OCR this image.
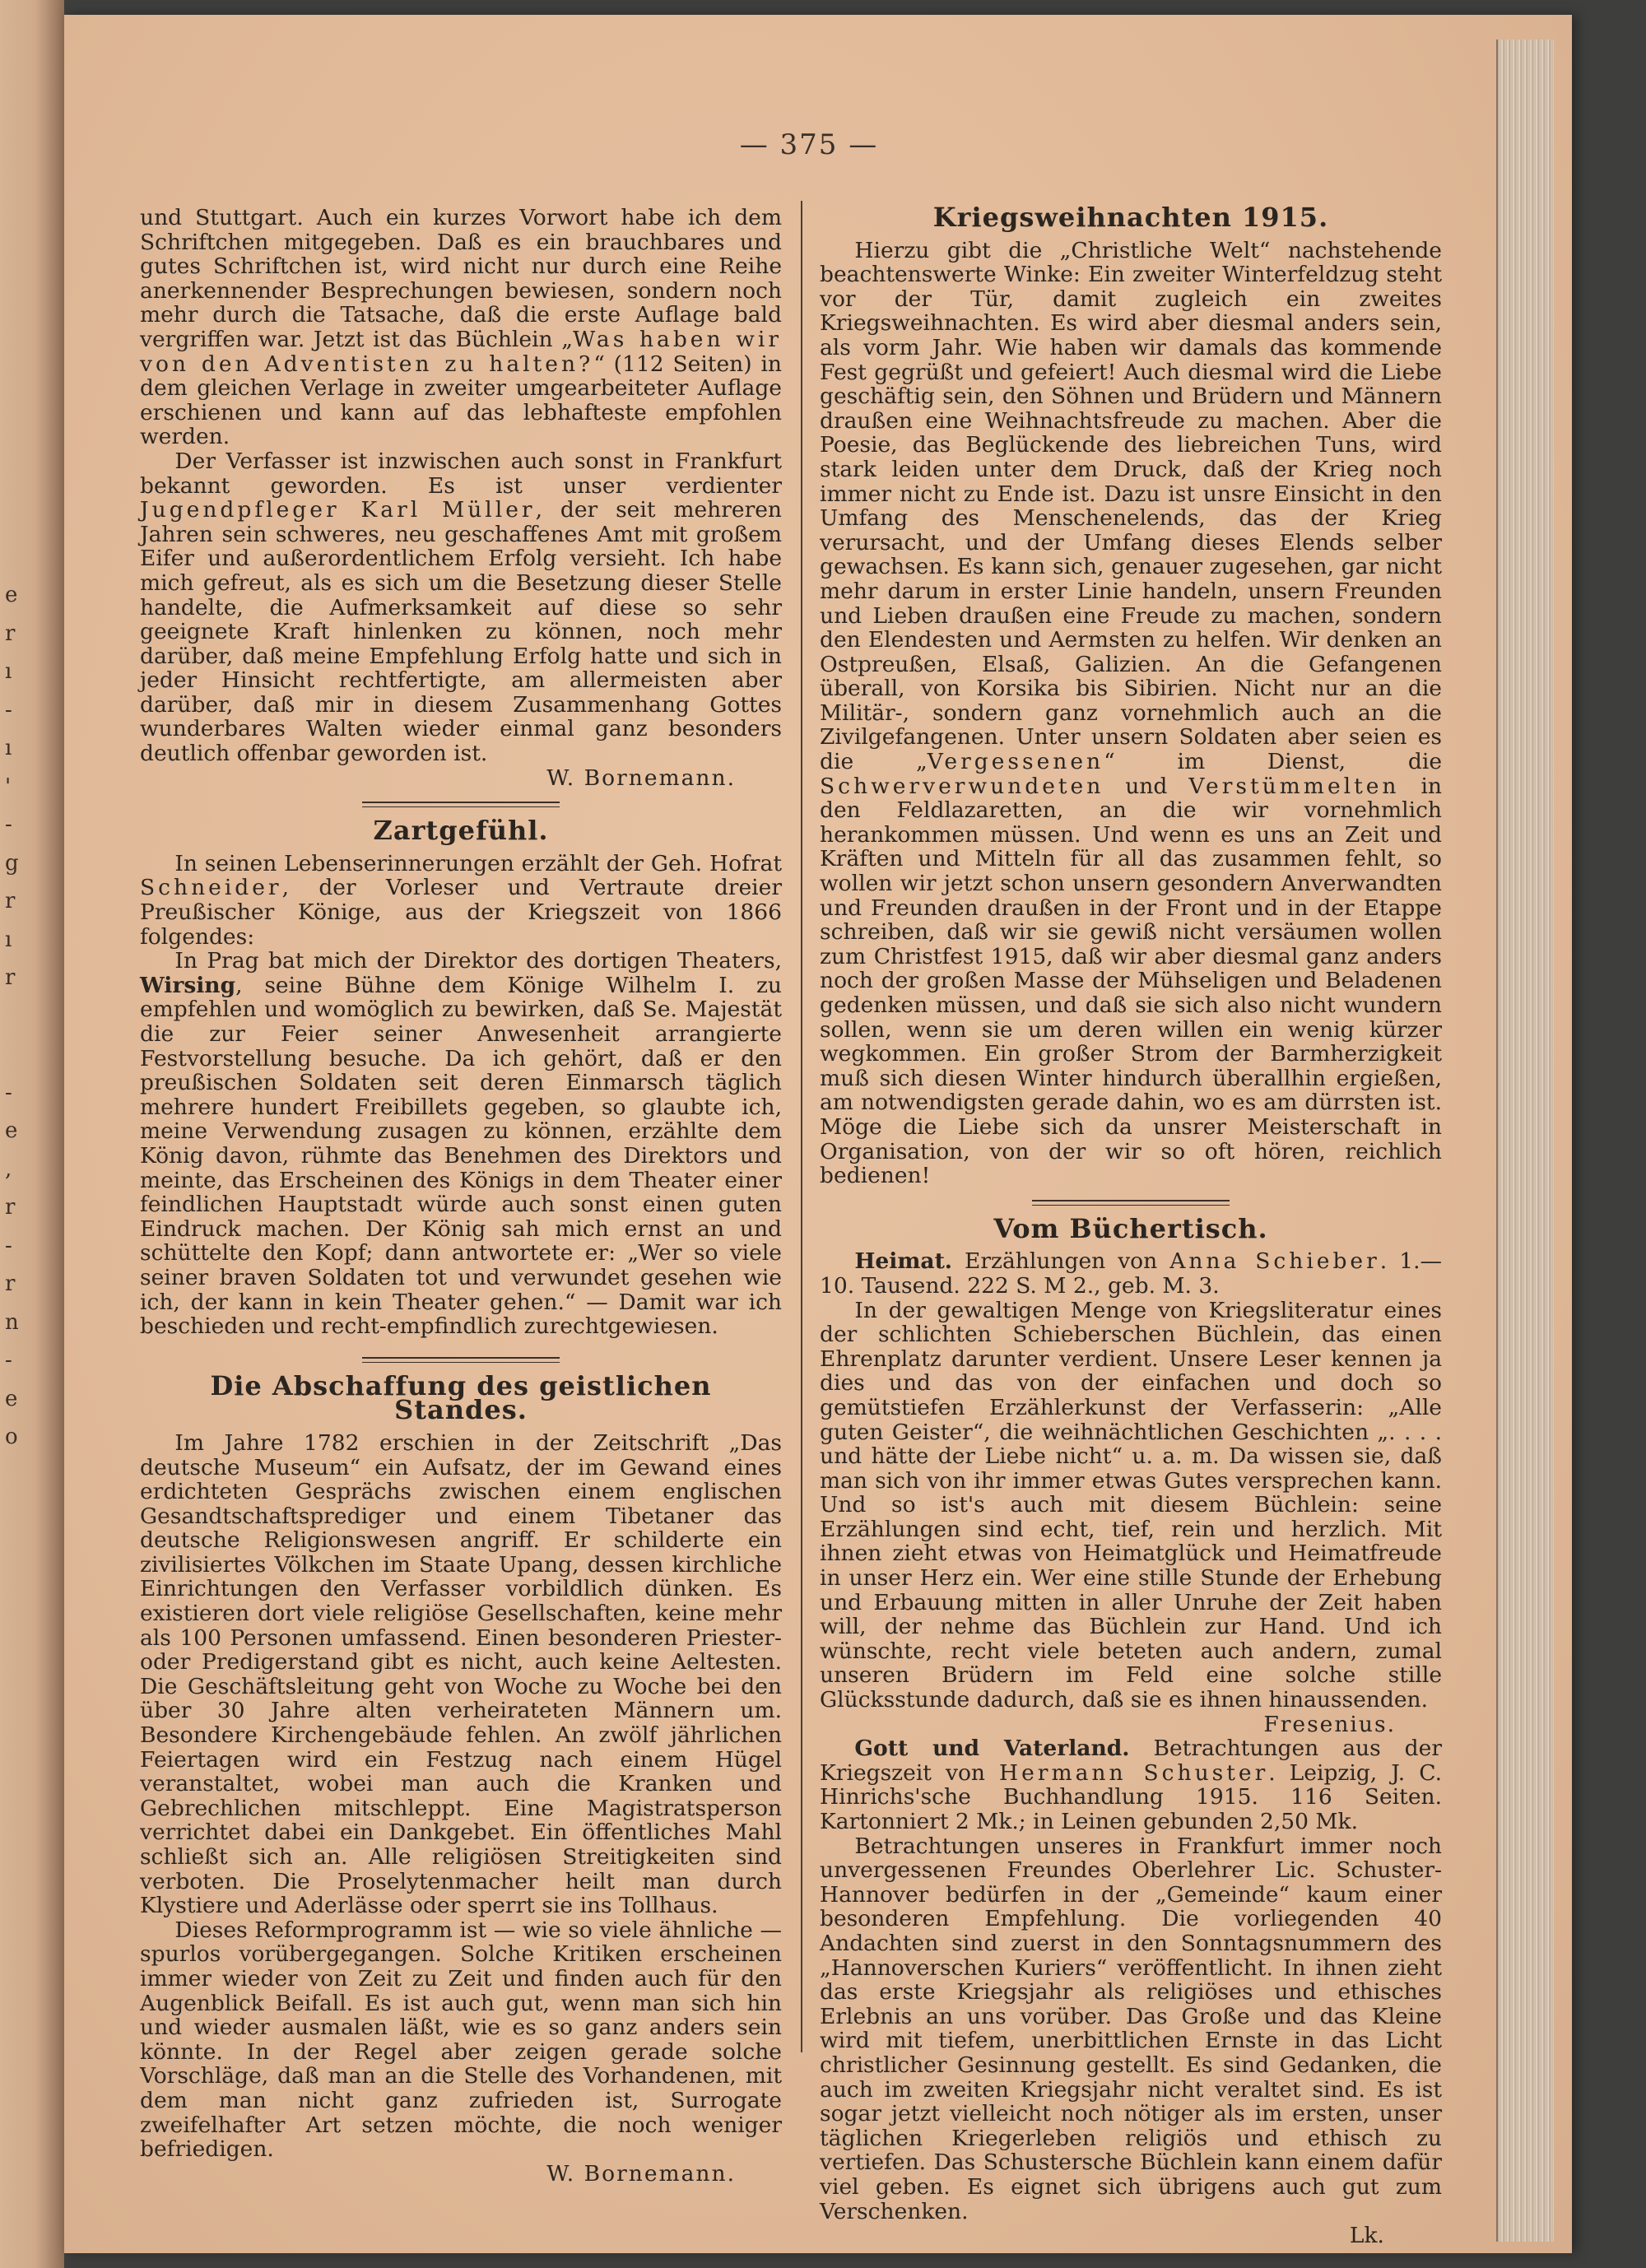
e
r
ı
-
ı
'
-
g
r
ı
r

-
e
,
r
-
r
n
-
e
o
— 375 —

und Stuttgart. Auch ein kurzes Vorwort habe ich dem Schriftchen mitgegeben. Daß es ein brauchbares und gutes Schriftchen ist, wird nicht nur durch eine Reihe anerkennender Besprechungen bewiesen, sondern noch mehr durch die Tatsache, daß die erste Auflage bald vergriffen war. Jetzt ist das Büchlein „Was haben wir von den Adventisten zu halten?“ (112 Seiten) in dem gleichen Verlage in zweiter umgearbeiteter Auflage erschienen und kann auf das lebhafteste empfohlen werden.

Der Verfasser ist inzwischen auch sonst in Frankfurt bekannt geworden. Es ist unser verdienter Jugendpfleger Karl Müller, der seit mehreren Jahren sein schweres, neu geschaffenes Amt mit großem Eifer und außerordentlichem Erfolg versieht. Ich habe mich gefreut, als es sich um die Besetzung dieser Stelle handelte, die Aufmerksamkeit auf diese so sehr geeignete Kraft hinlenken zu können, noch mehr darüber, daß meine Empfehlung Erfolg hatte und sich in jeder Hinsicht rechtfertigte, am allermeisten aber darüber, daß mir in diesem Zusammenhang Gottes wunderbares Walten wieder einmal ganz besonders deutlich offenbar geworden ist.

W. Bornemann.
Zartgefühl.

In seinen Lebenserinnerungen erzählt der Geh. Hofrat Schneider, der Vorleser und Vertraute dreier Preußischer Könige, aus der Kriegszeit von 1866 folgendes:

In Prag bat mich der Direktor des dortigen Theaters, Wirsing, seine Bühne dem Könige Wilhelm I. zu empfehlen und womöglich zu bewirken, daß Se. Majestät die zur Feier seiner Anwesenheit arrangierte Festvorstellung besuche. Da ich gehört, daß er den preußischen Soldaten seit deren Einmarsch täglich mehrere hundert Freibillets gegeben, so glaubte ich, meine Verwendung zusagen zu können, erzählte dem König davon, rühmte das Benehmen des Direktors und meinte, das Erscheinen des Königs in dem Theater einer feindlichen Hauptstadt würde auch sonst einen guten Eindruck machen. Der König sah mich ernst an und schüttelte den Kopf; dann antwortete er: „Wer so viele seiner braven Soldaten tot und verwundet gesehen wie ich, der kann in kein Theater gehen.“ — Damit war ich beschieden und recht-empfindlich zurechtgewiesen.

Die Abschaffung des geistlichen Standes.

Im Jahre 1782 erschien in der Zeitschrift „Das deutsche Museum“ ein Aufsatz, der im Gewand eines erdichteten Gesprächs zwischen einem englischen Gesandtschaftsprediger und einem Tibetaner das deutsche Religionswesen angriff. Er schilderte ein zivilisiertes Völkchen im Staate Upang, dessen kirchliche Einrichtungen den Verfasser vorbildlich dünken. Es existieren dort viele religiöse Gesellschaften, keine mehr als 100 Personen umfassend. Einen besonderen Priester- oder Predigerstand gibt es nicht, auch keine Aeltesten. Die Geschäftsleitung geht von Woche zu Woche bei den über 30 Jahre alten verheirateten Männern um. Besondere Kirchengebäude fehlen. An zwölf jährlichen Feiertagen wird ein Festzug nach einem Hügel veranstaltet, wobei man auch die Kranken und Gebrechlichen mitschleppt. Eine Magistratsperson verrichtet dabei ein Dankgebet. Ein öffentliches Mahl schließt sich an. Alle religiösen Streitigkeiten sind verboten. Die Proselytenmacher heilt man durch Klystiere und Aderlässe oder sperrt sie ins Tollhaus.

Dieses Reformprogramm ist — wie so viele ähnliche — spurlos vorübergegangen. Solche Kritiken erscheinen immer wieder von Zeit zu Zeit und finden auch für den Augenblick Beifall. Es ist auch gut, wenn man sich hin und wieder ausmalen läßt, wie es so ganz anders sein könnte. In der Regel aber zeigen gerade solche Vorschläge, daß man an die Stelle des Vorhandenen, mit dem man nicht ganz zufrieden ist, Surrogate zweifelhafter Art setzen möchte, die noch weniger befriedigen.

W. Bornemann.
Kriegsweihnachten 1915.

Hierzu gibt die „Christliche Welt“ nachstehende beachtenswerte Winke: Ein zweiter Winterfeldzug steht vor der Tür, damit zugleich ein zweites Kriegsweihnachten. Es wird aber diesmal anders sein, als vorm Jahr. Wie haben wir damals das kommende Fest gegrüßt und gefeiert! Auch diesmal wird die Liebe geschäftig sein, den Söhnen und Brüdern und Männern draußen eine Weihnachtsfreude zu machen. Aber die Poesie, das Beglückende des liebreichen Tuns, wird stark leiden unter dem Druck, daß der Krieg noch immer nicht zu Ende ist. Dazu ist unsre Einsicht in den Umfang des Menschenelends, das der Krieg verursacht, und der Umfang dieses Elends selber gewachsen. Es kann sich, genauer zugesehen, gar nicht mehr darum in erster Linie handeln, unsern Freunden und Lieben draußen eine Freude zu machen, sondern den Elendesten und Aermsten zu helfen. Wir denken an Ostpreußen, Elsaß, Galizien. An die Gefangenen überall, von Korsika bis Sibirien. Nicht nur an die Militär-, sondern ganz vornehmlich auch an die Zivilgefangenen. Unter unsern Soldaten aber seien es die „Vergessenen“ im Dienst, die Schwerverwundeten und Verstümmelten in den Feldlazaretten, an die wir vornehmlich herankommen müssen. Und wenn es uns an Zeit und Kräften und Mitteln für all das zusammen fehlt, so wollen wir jetzt schon unsern gesondern Anverwandten und Freunden draußen in der Front und in der Etappe schreiben, daß wir sie gewiß nicht versäumen wollen zum Christfest 1915, daß wir aber diesmal ganz anders noch der großen Masse der Mühseligen und Beladenen gedenken müssen, und daß sie sich also nicht wundern sollen, wenn sie um deren willen ein wenig kürzer wegkommen. Ein großer Strom der Barmherzigkeit muß sich diesen Winter hindurch überallhin ergießen, am notwendigsten gerade dahin, wo es am dürrsten ist. Möge die Liebe sich da unsrer Meisterschaft in Organisation, von der wir so oft hören, reichlich bedienen!

Vom Büchertisch.

Heimat. Erzählungen von Anna Schieber. 1.—10. Tausend. 222 S. M 2., geb. M. 3.

In der gewaltigen Menge von Kriegsliteratur eines der schlichten Schieberschen Büchlein, das einen Ehrenplatz darunter verdient. Unsere Leser kennen ja dies und das von der einfachen und doch so gemütstiefen Erzählerkunst der Verfasserin: „Alle guten Geister“, die weihnächtlichen Geschichten „. . . . und hätte der Liebe nicht“ u. a. m. Da wissen sie, daß man sich von ihr immer etwas Gutes versprechen kann. Und so ist's auch mit diesem Büchlein: seine Erzählungen sind echt, tief, rein und herzlich. Mit ihnen zieht etwas von Heimatglück und Heimatfreude in unser Herz ein. Wer eine stille Stunde der Erhebung und Erbauung mitten in aller Unruhe der Zeit haben will, der nehme das Büchlein zur Hand. Und ich wünschte, recht viele beteten auch andern, zumal unseren Brüdern im Feld eine solche stille Glücksstunde dadurch, daß sie es ihnen hinaussenden.

Fresenius.

Gott und Vaterland. Betrachtungen aus der Kriegszeit von Hermann Schuster. Leipzig, J. C. Hinrichs'sche Buchhandlung 1915. 116 Seiten. Kartonniert 2 Mk.; in Leinen gebunden 2,50 Mk.

Betrachtungen unseres in Frankfurt immer noch unvergessenen Freundes Oberlehrer Lic. Schuster-Hannover bedürfen in der „Gemeinde“ kaum einer besonderen Empfehlung. Die vorliegenden 40 Andachten sind zuerst in den Sonntagsnummern des „Hannoverschen Kuriers“ veröffentlicht. In ihnen zieht das erste Kriegsjahr als religiöses und ethisches Erlebnis an uns vorüber. Das Große und das Kleine wird mit tiefem, unerbittlichen Ernste in das Licht christlicher Gesinnung gestellt. Es sind Gedanken, die auch im zweiten Kriegsjahr nicht veraltet sind. Es ist sogar jetzt vielleicht noch nötiger als im ersten, unser täglichen Kriegerleben religiös und ethisch zu vertiefen. Das Schustersche Büchlein kann einem dafür viel geben. Es eignet sich übrigens auch gut zum Verschenken.

Lk.
